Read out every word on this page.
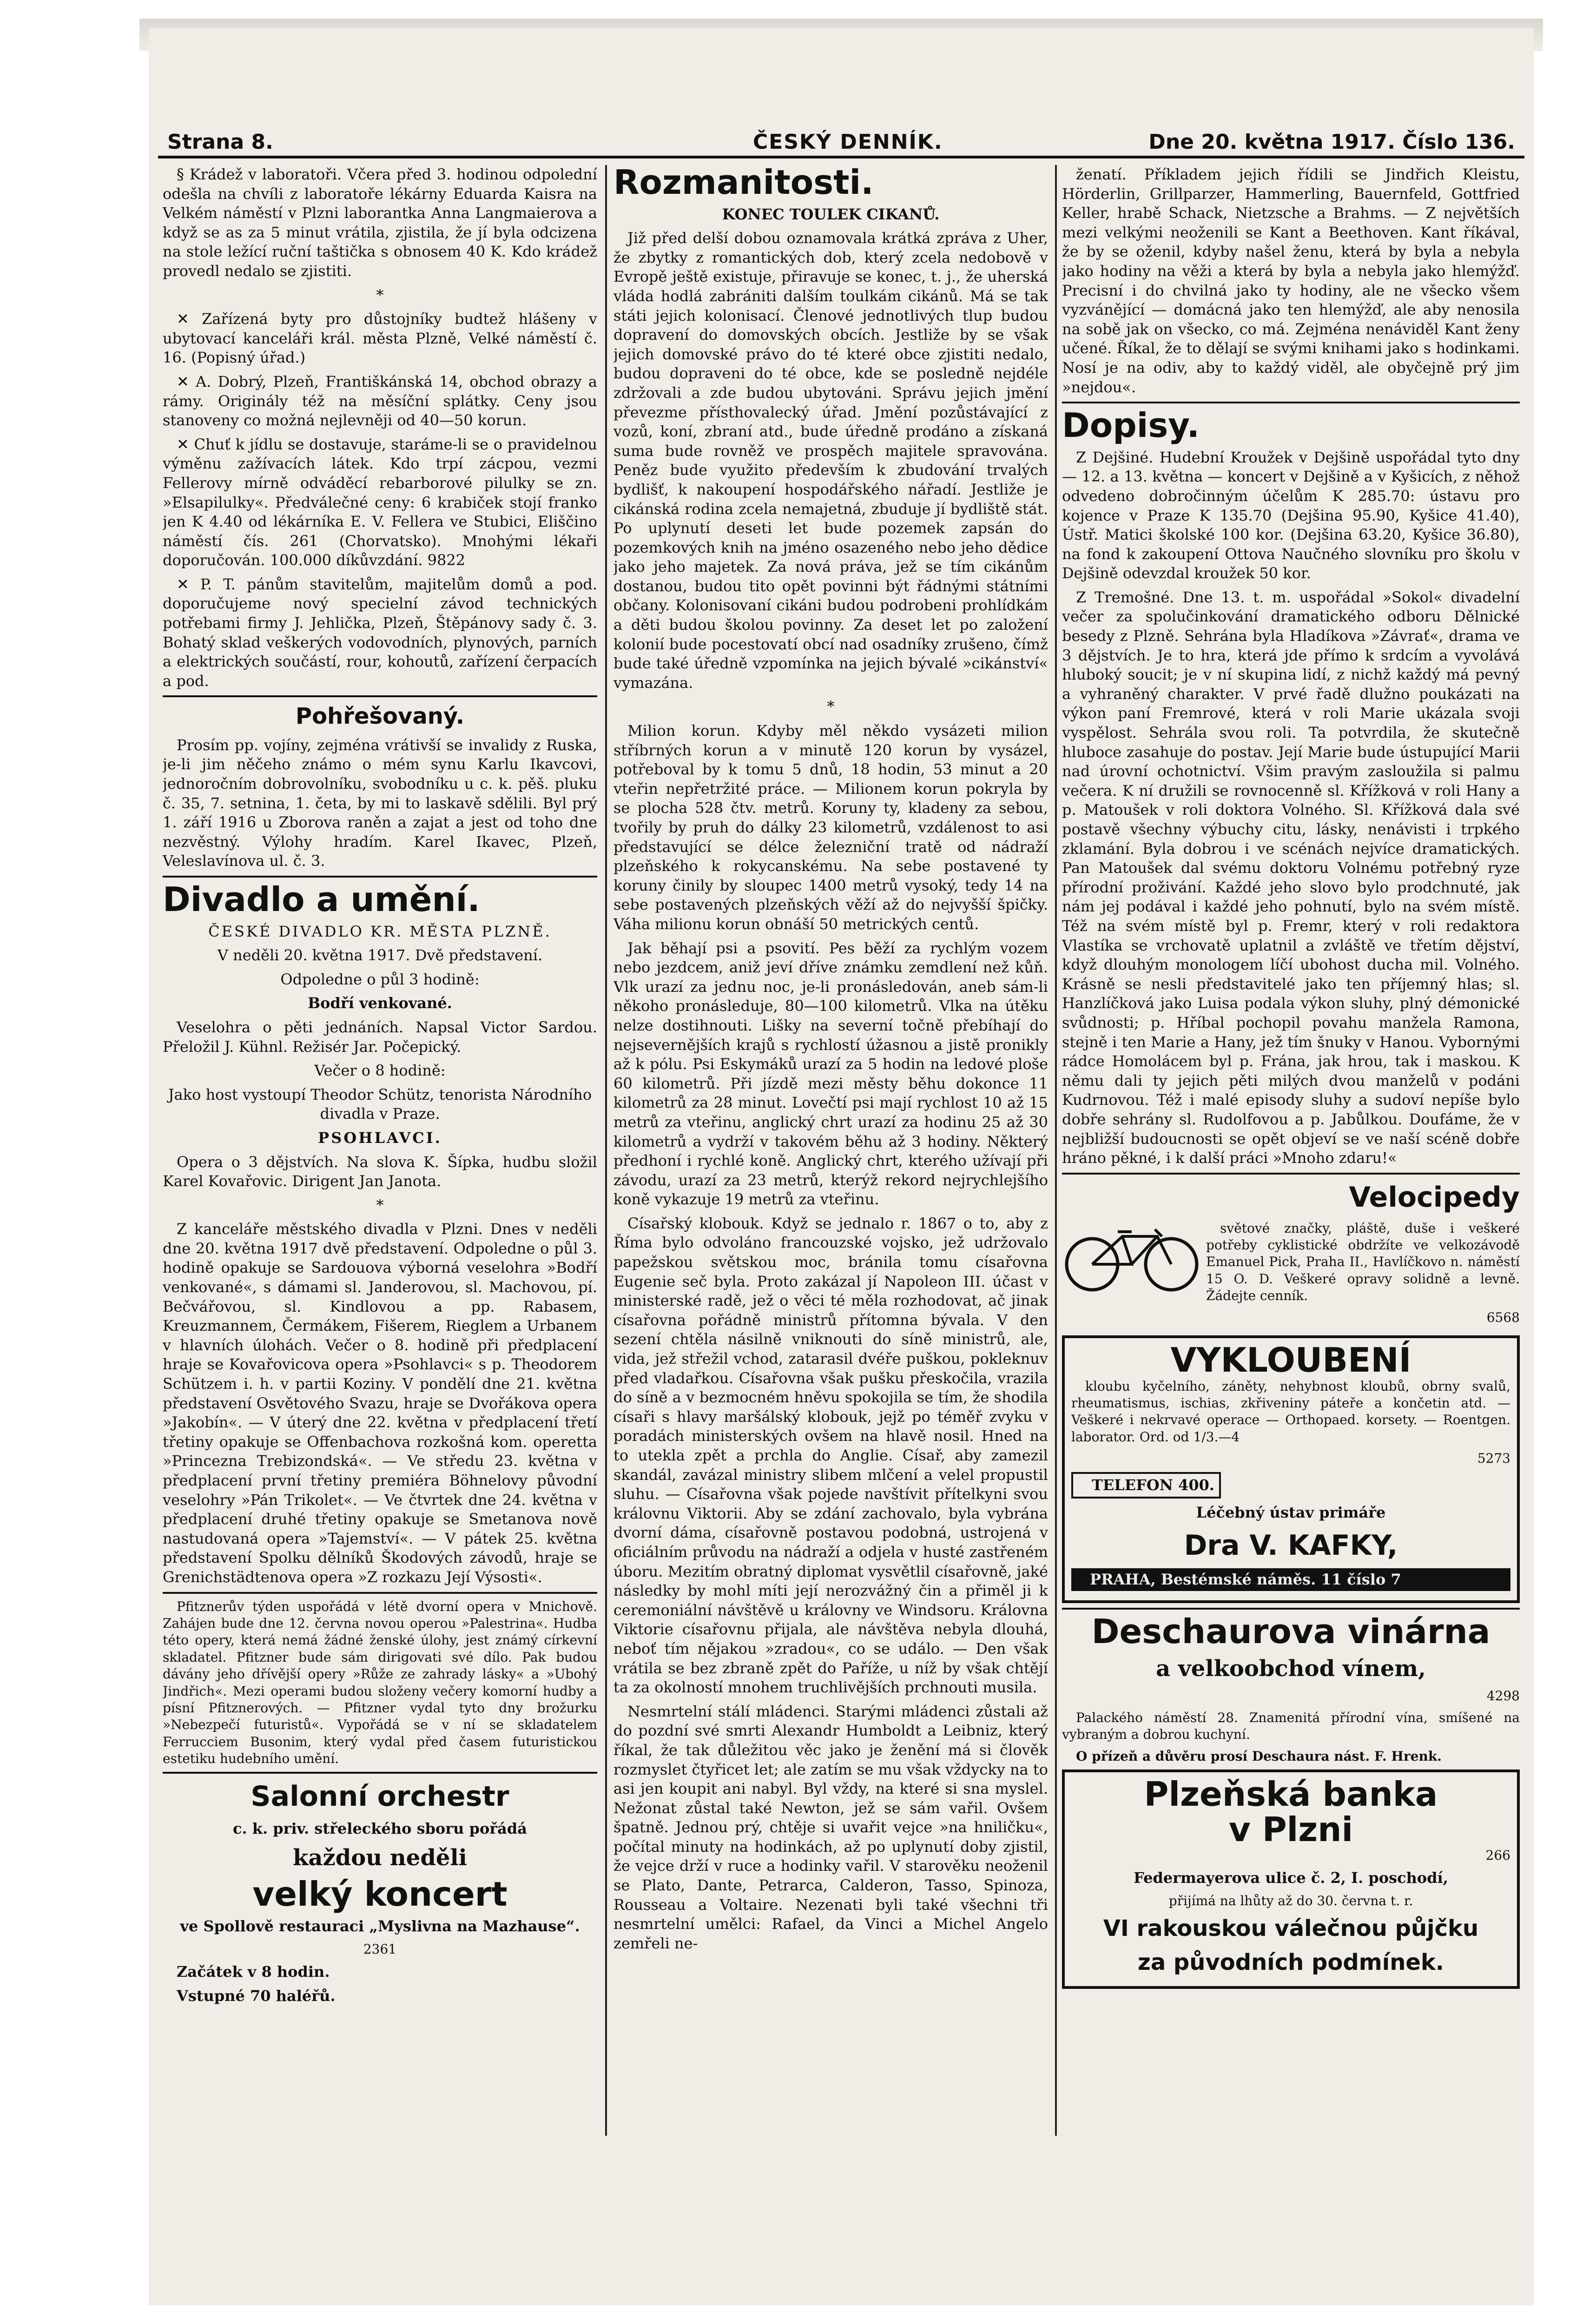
Strana 8.	ČESKÝ DENNÍK.	Dne 20. května 1917. Číslo 136.

§ Krádež v laboratoři. Včera před 3. hodinou odpolední odešla na chvíli z laboratoře lékárny Eduarda Kaisra na Velkém náměstí v Plzni laborantka Anna Langmaierova a když se as za 5 minut vrátila, zjistila, že jí byla odcizena na stole ležící ruční taštička s obnosem 40 K. Kdo krádež provedl nedalo se zjistiti.

*

✕ Zařízená byty pro důstojníky budtež hlášeny v ubytovací kanceláři král. města Plzně, Velké náměstí č. 16. (Popisný úřad.)

✕ A. Dobrý, Plzeň, Františkánská 14, obchod obrazy a rámy. Originály též na měsíční splátky. Ceny jsou stanoveny co možná nejlevněji od 40—50 korun.

✕ Chuť k jídlu se dostavuje, staráme-li se o pravidelnou výměnu zažívacích látek. Kdo trpí zácpou, vezmi Fellerovy mírně odváděcí rebarborové pilulky se zn. »Elsapilulky«. Předválečné ceny: 6 krabiček stojí franko jen K 4.40 od lékárníka E. V. Fellera ve Stubici, Eliščino náměstí čís. 261 (Chorvatsko). Mnohými lékaři doporučován. 100.000 díkůvzdání. 9822

✕ P. T. pánům stavitelům, majitelům domů a pod. doporučujeme nový specielní závod technických potřebami firmy J. Jehlička, Plzeň, Štěpánovy sady č. 3. Bohatý sklad veškerých vodovodních, plynových, parních a elektrických součástí, rour, kohoutů, zařízení čerpacích a pod.

Pohřešovaný.

Prosím pp. vojíny, zejména vrátivší se invalidy z Ruska, je-li jim něčeho známo o mém synu Karlu Ikavcovi, jednoročním dobrovolníku, svobodníku u c. k. pěš. pluku č. 35, 7. setnina, 1. četa, by mi to laskavě sdělili. Byl prý 1. září 1916 u Zborova raněn a zajat a jest od toho dne nezvěstný. Výlohy hradím. Karel Ikavec, Plzeň, Veleslavínova ul. č. 3.

Divadlo a umění.

ČESKÉ DIVADLO KR. MĚSTA PLZNĚ.

V neděli 20. května 1917. Dvě představení.

Odpoledne o půl 3 hodině:

Bodří venkované.

Veselohra o pěti jednáních. Napsal Victor Sardou. Přeložil J. Kühnl. Režisér Jar. Počepický.

Večer o 8 hodině:

Jako host vystoupí Theodor Schütz, tenorista Národního divadla v Praze.

PSOHLAVCI.

Opera o 3 dějstvích. Na slova K. Šípka, hudbu složil Karel Kovařovic. Dirigent Jan Janota.

*

Z kanceláře městského divadla v Plzni. Dnes v neděli dne 20. května 1917 dvě představení. Odpoledne o půl 3. hodině opakuje se Sardouova výborná veselohra »Bodří venkované«, s dámami sl. Janderovou, sl. Machovou, pí. Bečvářovou, sl. Kindlovou a pp. Rabasem, Kreuzmannem, Čermákem, Fišerem, Rieglem a Urbanem v hlavních úlohách. Večer o 8. hodině při předplacení hraje se Kovařovicova opera »Psohlavci« s p. Theodorem Schützem i. h. v partii Koziny. V pondělí dne 21. května představení Osvětového Svazu, hraje se Dvořákova opera »Jakobín«. — V úterý dne 22. května v předplacení třetí třetiny opakuje se Offenbachova rozkošná kom. operetta »Princezna Trebizondská«. — Ve středu 23. května v předplacení první třetiny premiéra Böhnelovy původní veselohry »Pán Trikolet«. — Ve čtvrtek dne 24. května v předplacení druhé třetiny opakuje se Smetanova nově nastudovaná opera »Tajemství«. — V pátek 25. května představení Spolku dělníků Škodových závodů, hraje se Grenichstädtenova opera »Z rozkazu Její Výsosti«.

Pfitznerův týden uspořádá v létě dvorní opera v Mnichově. Zahájen bude dne 12. června novou operou »Palestrina«. Hudba této opery, která nemá žádné ženské úlohy, jest známý církevní skladatel. Pfitzner bude sám dirigovati své dílo. Pak budou dávány jeho dřívější opery »Růže ze zahrady lásky« a »Ubohý Jindřich«. Mezi operami budou složeny večery komorní hudby a písní Pfitznerových. — Pfitzner vydal tyto dny brožurku »Nebezpečí futuristů«. Vypořádá se v ní se skladatelem Ferrucciem Busonim, který vydal před časem futuristickou estetiku hudebního umění.

Salonní orchestr

c. k. priv. střeleckého sboru pořádá

každou neděli

velký koncert

ve Spollově restauraci „Myslivna na Mazhause“.

2361

Začátek v 8 hodin.

Vstupné 70 haléřů.

Rozmanitosti.

KONEC TOULEK CIKANŮ.

Již před delší dobou oznamovala krátká zpráva z Uher, že zbytky z romantických dob, který zcela nedobově v Evropě ještě existuje, přiravuje se konec, t. j., že uherská vláda hodlá zabrániti dalším toulkám cikánů. Má se tak státi jejich kolonisací. Členové jednotlivých tlup budou dopravení do domovských obcích. Jestliže by se však jejich domovské právo do té které obce zjistiti nedalo, budou dopraveni do té obce, kde se posledně nejdéle zdržovali a zde budou ubytováni. Správu jejich jmění převezme přísthovalecký úřad. Jmění pozůstávající z vozů, koní, zbraní atd., bude úředně prodáno a získaná suma bude rovněž ve prospěch majitele spravována. Peněz bude využito především k zbudování trvalých bydlišť, k nakoupení hospodářského nářadí. Jestliže je cikánská rodina zcela nemajetná, zbuduje jí bydliště stát. Po uplynutí deseti let bude pozemek zapsán do pozemkových knih na jméno osazeného nebo jeho dědice jako jeho majetek. Za nová práva, jež se tím cikánům dostanou, budou tito opět povinni být řádnými státními občany. Kolonisovaní cikáni budou podrobeni prohlídkám a děti budou školou povinny. Za deset let po založení kolonií bude pocestovatí obcí nad osadníky zrušeno, čímž bude také úředně vzpomínka na jejich bývalé »cikánství« vymazána.

*

Milion korun. Kdyby měl někdo vysázeti milion stříbrných korun a v minutě 120 korun by vysázel, potřeboval by k tomu 5 dnů, 18 hodin, 53 minut a 20 vteřin nepřetržité práce. — Milionem korun pokryla by se plocha 528 čtv. metrů. Koruny ty, kladeny za sebou, tvořily by pruh do dálky 23 kilometrů, vzdálenost to asi představující se délce železniční tratě od nádraží plzeňského k rokycanskému. Na sebe postavené ty koruny činily by sloupec 1400 metrů vysoký, tedy 14 na sebe postavených plzeňských věží až do nejvyšší špičky. Váha milionu korun obnáší 50 metrických centů.

Jak běhají psi a psovití. Pes běží za rychlým vozem nebo jezdcem, aniž jeví dříve známku zemdlení než kůň. Vlk urazí za jednu noc, je-li pronásledován, aneb sám-li někoho pronásleduje, 80—100 kilometrů. Vlka na útěku nelze dostihnouti. Lišky na severní točně přebíhají do nejsevernějších krajů s rychlostí úžasnou a jistě pronikly až k pólu. Psi Eskymáků urazí za 5 hodin na ledové ploše 60 kilometrů. Při jízdě mezi městy běhu dokonce 11 kilometrů za 28 minut. Lovečtí psi mají rychlost 10 až 15 metrů za vteřinu, anglický chrt urazí za hodinu 25 až 30 kilometrů a vydrží v takovém běhu až 3 hodiny. Některý předhoní i rychlé koně. Anglický chrt, kterého užívají při závodu, urazí za 23 metrů, kterýž rekord nejrychlejšího koně vykazuje 19 metrů za vteřinu.

Císařský klobouk. Když se jednalo r. 1867 o to, aby z Říma bylo odvoláno francouzské vojsko, jež udržovalo papežskou světskou moc, bránila tomu císařovna Eugenie seč byla. Proto zakázal jí Napoleon III. účast v ministerské radě, jež o věci té měla rozhodovat, ač jinak císařovna pořádně ministrů přítomna bývala. V den sezení chtěla násilně vniknouti do síně ministrů, ale, vida, jež střežil vchod, zatarasil dvéře puškou, pokleknuv před vladařkou. Císařovna však pušku přeskočila, vrazila do síně a v bezmocném hněvu spokojila se tím, že shodila císaři s hlavy maršálský klobouk, jejž po téměř zvyku v poradách ministerských ovšem na hlavě nosil. Hned na to utekla zpět a prchla do Anglie. Císař, aby zamezil skandál, zavázal ministry slibem mlčení a velel propustil sluhu. — Císařovna však pojede navštívit přítelkyni svou královnu Viktorii. Aby se zdání zachovalo, byla vybrána dvorní dáma, císařovně postavou podobná, ustrojená v oficiálním průvodu na nádraží a odjela v husté zastřeném úboru. Mezitím obratný diplomat vysvětlil císařovně, jaké následky by mohl míti její nerozvážný čin a přiměl ji k ceremoniální návštěvě u královny ve Windsoru. Královna Viktorie císařovnu přijala, ale návštěva nebyla dlouhá, neboť tím nějakou »zradou«, co se událo. — Den však vrátila se bez zbraně zpět do Paříže, u níž by však chtějí ta za okolností mnohem truchlivějších prchnouti musila.

Nesmrtelní stálí mládenci. Starými mládenci zůstali až do pozdní své smrti Alexandr Humboldt a Leibniz, který říkal, že tak důležitou věc jako je ženění má si člověk rozmyslet čtyřicet let; ale zatím se mu však vždycky na to asi jen koupit ani nabyl. Byl vždy, na které si sna myslel. Nežonat zůstal také Newton, jež se sám vařil. Ovšem špatně. Jednou prý, chtěje si uvařit vejce »na hniličku«, počítal minuty na hodinkách, až po uplynutí doby zjistil, že vejce drží v ruce a hodinky vařil. V starověku neoženil se Plato, Dante, Petrarca, Calderon, Tasso, Spinoza, Rousseau a Voltaire. Nezenati byli také všechni tři nesmrtelní umělci: Rafael, da Vinci a Michel Angelo zemřeli ne-

ženatí. Příkladem jejich řídili se Jindřich Kleistu, Hörderlin, Grillparzer, Hammerling, Bauernfeld, Gottfried Keller, hrabě Schack, Nietzsche a Brahms. — Z největších mezi velkými neoženili se Kant a Beethoven. Kant říkával, že by se oženil, kdyby našel ženu, která by byla a nebyla jako hodiny na věži a která by byla a nebyla jako hlemýžď. Precisní i do chvilná jako ty hodiny, ale ne všecko všem vyzvánějící — domácná jako ten hlemýžď, ale aby nenosila na sobě jak on všecko, co má. Zejména nenáviděl Kant ženy učené. Říkal, že to dělají se svými knihami jako s hodinkami. Nosí je na odiv, aby to každý viděl, ale obyčejně prý jim »nejdou«.

Dopisy.

Z Dejšiné. Hudební Kroužek v Dejšině uspořádal tyto dny — 12. a 13. května — koncert v Dejšině a v Kyšicích, z něhož odvedeno dobročinným účelům K 285.70: ústavu pro kojence v Praze K 135.70 (Dejšina 95.90, Kyšice 41.40), Ústř. Matici školské 100 kor. (Dejšina 63.20, Kyšice 36.80), na fond k zakoupení Ottova Naučného slovníku pro školu v Dejšině odevzdal kroužek 50 kor.

Z Tremošné. Dne 13. t. m. uspořádal »Sokol« divadelní večer za spolučinkování dramatického odboru Dělnické besedy z Plzně. Sehrána byla Hladíkova »Závrať«, drama ve 3 dějstvích. Je to hra, která jde přímo k srdcím a vyvolává hluboký soucit; je v ní skupina lidí, z nichž každý má pevný a vyhraněný charakter. V prvé řadě dlužno poukázati na výkon paní Fremrové, která v roli Marie ukázala svoji vyspělost. Sehrála svou roli. Ta potvrdila, že skutečně hluboce zasahuje do postav. Její Marie bude ústupující Marii nad úrovní ochotnictví. Všim pravým zasloužila si palmu večera. K ní družili se rovnocenně sl. Křížková v roli Hany a p. Matoušek v roli doktora Volného. Sl. Křížková dala své postavě všechny výbuchy citu, lásky, nenávisti i trpkého zklamání. Byla dobrou i ve scénách nejvíce dramatických. Pan Matoušek dal svému doktoru Volnému potřebný ryze přírodní proživání. Každé jeho slovo bylo prodchnuté, jak nám jej podával i každé jeho pohnutí, bylo na svém místě. Též na svém místě byl p. Fremr, který v roli redaktora Vlastíka se vrchovatě uplatnil a zvláště ve třetím dějství, když dlouhým monologem líčí ubohost ducha mil. Volného. Krásně se nesli představitelé jako ten příjemný hlas; sl. Hanzlíčková jako Luisa podala výkon sluhy, plný démonické svůdnosti; p. Hříbal pochopil povahu manžela Ramona, stejně i ten Marie a Hany, jež tím šnuky v Hanou. Vybornými rádce Homolácem byl p. Frána, jak hrou, tak i maskou. K němu dali ty jejich pěti milých dvou manželů v podáni Kudrnovou. Též i malé episody sluhy a sudoví nepíše bylo dobře sehrány sl. Rudolfovou a p. Jabůlkou. Doufáme, že v nejbližší budoucnosti se opět objeví se ve naší scéně dobře hráno pěkné, i k další práci »Mnoho zdaru!«

Velocipedy

světové značky, pláště, duše i veškeré potřeby cyklistické obdržíte ve velkozávodě Emanuel Pick, Praha II., Havlíčkovo n. náměstí 15 O. D. Veškeré opravy solidně a levně. Žádejte cenník.

6568

VYKLOUBENÍ

kloubu kyčelního, záněty, nehybnost kloubů, obrny svalů, rheumatismus, ischias, zkřiveniny páteře a končetin atd. — Veškeré i nekrvavé operace — Orthopaed. korsety. — Roentgen. laborator. Ord. od 1/3.—4

5273

TELEFON 400.

Léčebný ústav primáře

Dra V. KAFKY,

PRAHA, Bestémské náměs. 11 číslo 7

Deschaurova vinárna

a velkoobchod vínem,

4298

Palackého náměstí 28. Znamenitá přírodní vína, smíšené na vybraným a dobrou kuchyní.

O přízeň a důvěru prosí Deschaura nást. F. Hrenk.

Plzeňská banka
v Plzni

266

Federmayerova ulice č. 2, I. poschodí,

přijímá na lhůty až do 30. června t. r.

VI rakouskou válečnou půjčku

za původních podmínek.
